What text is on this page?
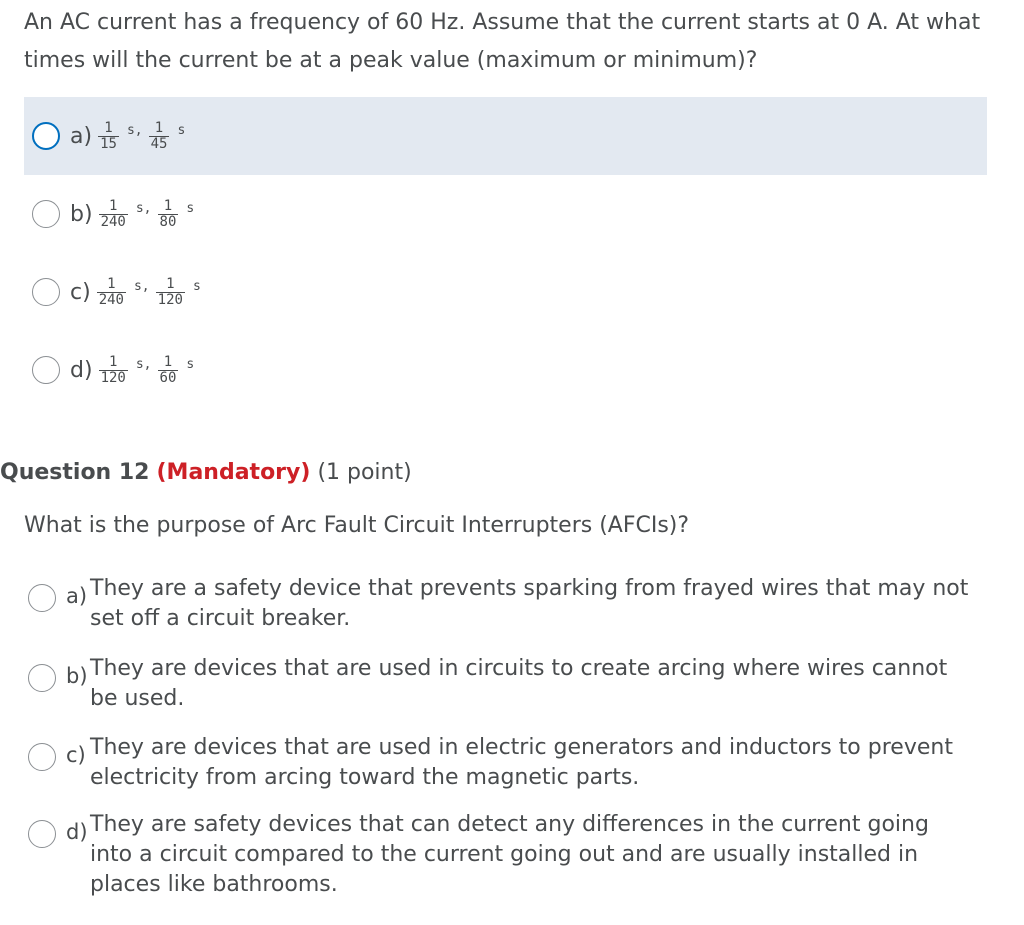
An AC current has a frequency of 60 Hz. Assume that the current starts at 0 A. At what times will the current be at a peak value (maximum or minimum)?

$a) \frac{1}{15} s$, $\frac{1}{45}$ s
$b) \frac{1}{240} s$, $\frac{1}{80}$ s
$c) \frac{1}{240} s$, $\frac{1}{120}$ s
$d) \frac{1}{120} s$, $\frac{1}{60}$ s

Question 12 (Mandatory) (1 point)

What is the purpose of Arc Fault Circuit Interrupters (AFCIs)?

a) They are a safety device that prevents sparking from frayed wires that may not set off a circuit breaker.
b) They are devices that are used in circuits to create arcing where wires cannot be used.
c) They are devices that are used in electric generators and inductors to prevent electricity from arcing toward the magnetic parts.
d) They are safety devices that can detect any differences in the current going into a circuit compared to the current going out and are usually installed in places like bathrooms.
